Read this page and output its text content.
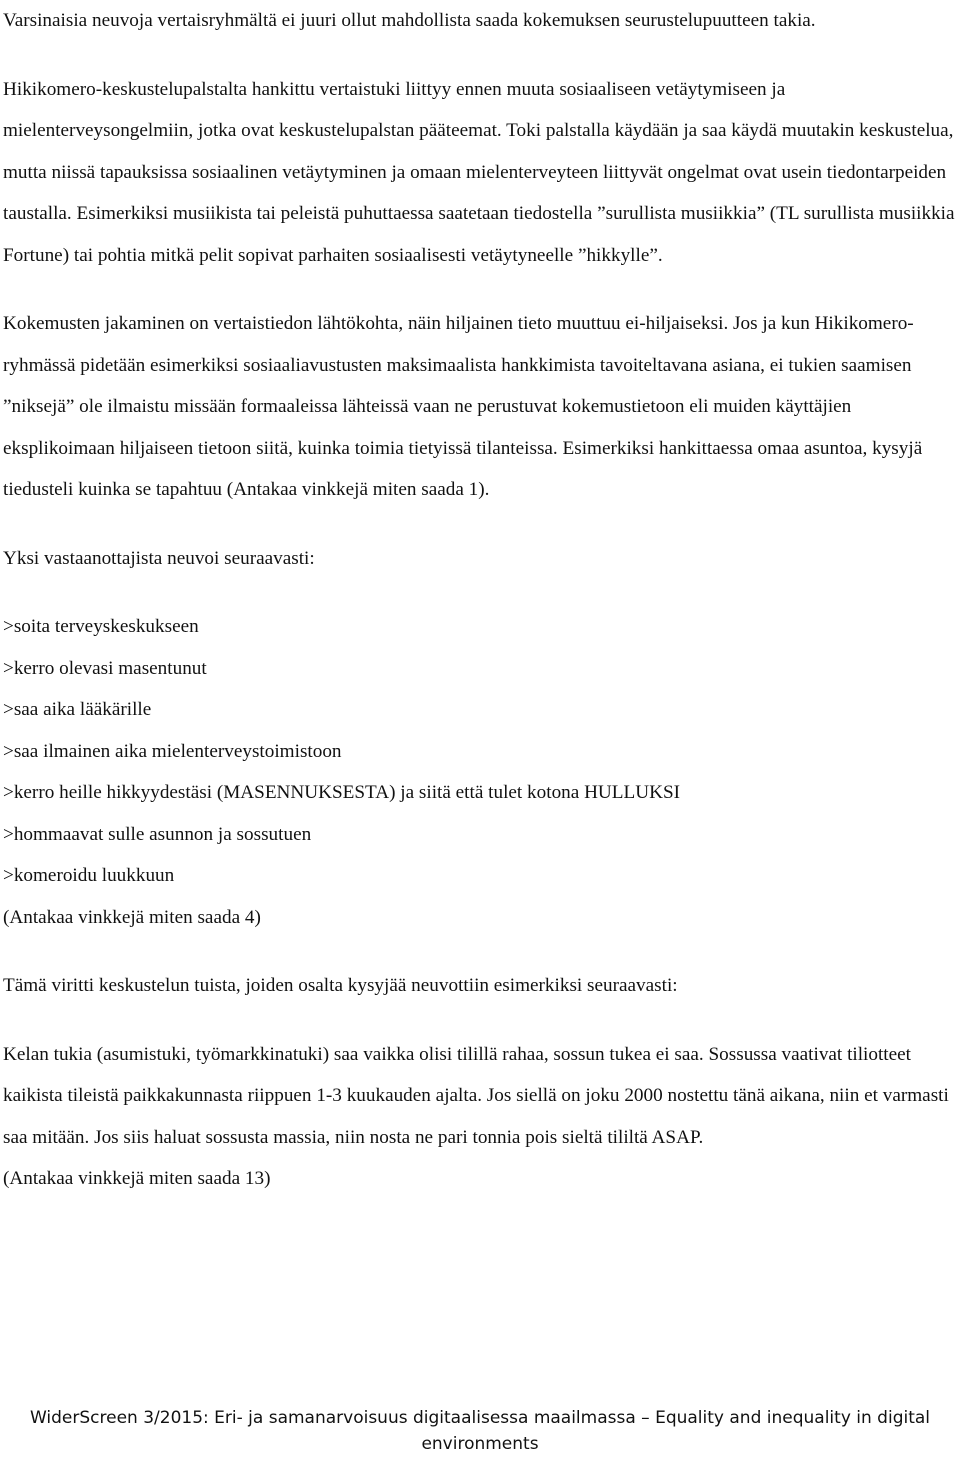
Varsinaisia neuvoja vertaisryhmältä ei juuri ollut mahdollista saada kokemuksen seurustelupuutteen takia.

Hikikomero-keskustelupalstalta hankittu vertaistuki liittyy ennen muuta sosiaaliseen vetäytymiseen ja mielenterveysongelmiin, jotka ovat keskustelupalstan pääteemat. Toki palstalla käydään ja saa käydä muutakin keskustelua, mutta niissä tapauksissa sosiaalinen vetäytyminen ja omaan mielenterveyteen liittyvät ongelmat ovat usein tiedontarpeiden taustalla. Esimerkiksi musiikista tai peleistä puhuttaessa saatetaan tiedostella ”surullista musiikkia” (TL surullista musiikkia Fortune) tai pohtia mitkä pelit sopivat parhaiten sosiaalisesti vetäytyneelle ”hikkylle”.

Kokemusten jakaminen on vertaistiedon lähtökohta, näin hiljainen tieto muuttuu ei-hiljaiseksi. Jos ja kun Hikikomero-ryhmässä pidetään esimerkiksi sosiaaliavustusten maksimaalista hankkimista tavoiteltavana asiana, ei tukien saamisen ”niksejä” ole ilmaistu missään formaaleissa lähteissä vaan ne perustuvat kokemustietoon eli muiden käyttäjien eksplikoimaan hiljaiseen tietoon siitä, kuinka toimia tietyissä tilanteissa. Esimerkiksi hankittaessa omaa asuntoa, kysyjä tiedusteli kuinka se tapahtuu (Antakaa vinkkejä miten saada 1).

Yksi vastaanottajista neuvoi seuraavasti:

>soita terveyskeskukseen

>kerro olevasi masentunut

>saa aika lääkärille

>saa ilmainen aika mielenterveystoimistoon

>kerro heille hikkyydestäsi (MASENNUKSESTA) ja siitä että tulet kotona HULLUKSI

>hommaavat sulle asunnon ja sossutuen

>komeroidu luukkuun

(Antakaa vinkkejä miten saada 4)

Tämä viritti keskustelun tuista, joiden osalta kysyjää neuvottiin esimerkiksi seuraavasti:

Kelan tukia (asumistuki, työmarkkinatuki) saa vaikka olisi tilillä rahaa, sossun tukea ei saa. Sossussa vaativat tiliotteet kaikista tileistä paikkakunnasta riippuen 1-3 kuukauden ajalta. Jos siellä on joku 2000 nostettu tänä aikana, niin et varmasti saa mitään. Jos siis haluat sossusta massia, niin nosta ne pari tonnia pois sieltä tililtä ASAP.

(Antakaa vinkkejä miten saada 13)

WiderScreen 3/2015: Eri- ja samanarvoisuus digitaalisessa maailmassa – Equality and inequality in digital environments
